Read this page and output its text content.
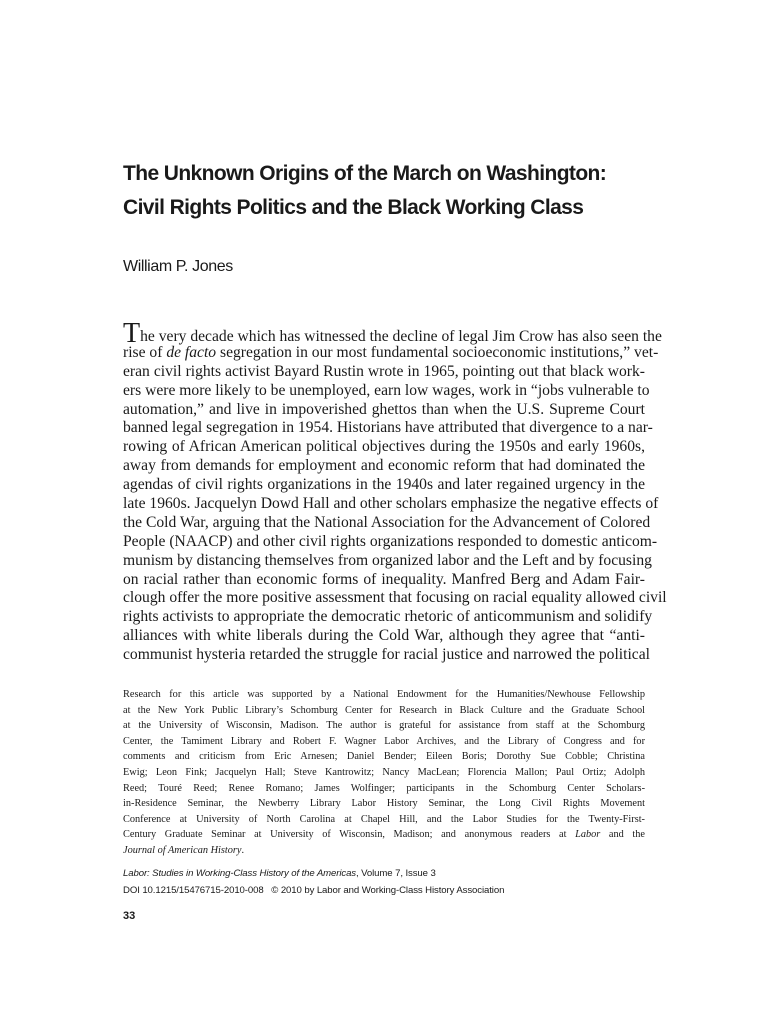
The Unknown Origins of the March on Washington:
Civil Rights Politics and the Black Working Class
William P. Jones
The very decade which has witnessed the decline of legal Jim Crow has also seen the
rise of de facto segregation in our most fundamental socioeconomic institutions,” vet-
eran civil rights activist Bayard Rustin wrote in 1965, pointing out that black work-
ers were more likely to be unemployed, earn low wages, work in “jobs vulnerable to
automation,” and live in impoverished ghettos than when the U.S. Supreme Court
banned legal segregation in 1954. Historians have attributed that divergence to a nar-
rowing of African American political objectives during the 1950s and early 1960s,
away from demands for employment and economic reform that had dominated the
agendas of civil rights organizations in the 1940s and later regained urgency in the
late 1960s. Jacquelyn Dowd Hall and other scholars emphasize the negative effects of
the Cold War, arguing that the National Association for the Advancement of Colored
People (NAACP) and other civil rights organizations responded to domestic anticom-
munism by distancing themselves from organized labor and the Left and by focusing
on racial rather than economic forms of inequality. Manfred Berg and Adam Fair-
clough offer the more positive assessment that focusing on racial equality allowed civil
rights activists to appropriate the democratic rhetoric of anticommunism and solidify
alliances with white liberals during the Cold War, although they agree that “anti-
communist hysteria retarded the struggle for racial justice and narrowed the political
Research for this article was supported by a National Endowment for the Humanities/Newhouse Fellowship
at the New York Public Library’s Schomburg Center for Research in Black Culture and the Graduate School
at the University of Wisconsin, Madison. The author is grateful for assistance from staff at the Schomburg
Center, the Tamiment Library and Robert F. Wagner Labor Archives, and the Library of Congress and for
comments and criticism from Eric Arnesen; Daniel Bender; Eileen Boris; Dorothy Sue Cobble; Christina
Ewig; Leon Fink; Jacquelyn Hall; Steve Kantrowitz; Nancy MacLean; Florencia Mallon; Paul Ortiz; Adolph
Reed; Touré Reed; Renee Romano; James Wolfinger; participants in the Schomburg Center Scholars-
in-Residence Seminar, the Newberry Library Labor History Seminar, the Long Civil Rights Movement
Conference at University of North Carolina at Chapel Hill, and the Labor Studies for the Twenty-First-
Century Graduate Seminar at University of Wisconsin, Madison; and anonymous readers at Labor and the
Journal of American History.
Labor: Studies in Working-Class History of the Americas, Volume 7, Issue 3
DOI 10.1215/15476715-2010-008   © 2010 by Labor and Working-Class History Association
33
